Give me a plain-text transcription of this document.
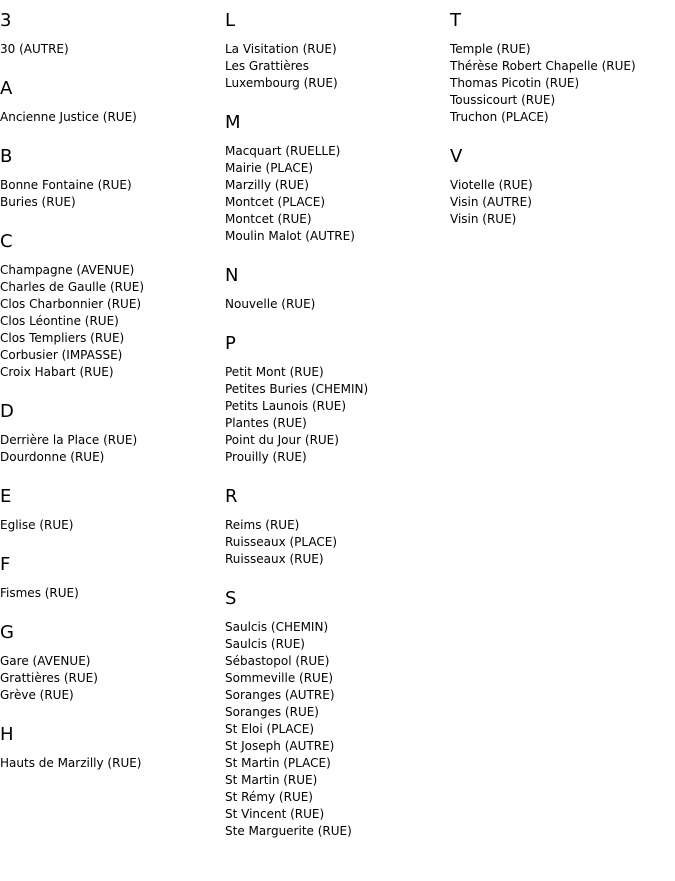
3
30 (AUTRE)
A
Ancienne Justice (RUE)
B
Bonne Fontaine (RUE)
Buries (RUE)
C
Champagne (AVENUE)
Charles de Gaulle (RUE)
Clos Charbonnier (RUE)
Clos Léontine (RUE)
Clos Templiers (RUE)
Corbusier (IMPASSE)
Croix Habart (RUE)
D
Derrière la Place (RUE)
Dourdonne (RUE)
E
Eglise (RUE)
F
Fismes (RUE)
G
Gare (AVENUE)
Grattières (RUE)
Grève (RUE)
H
Hauts de Marzilly (RUE)
L
La Visitation (RUE)
Les Grattières
Luxembourg (RUE)
M
Macquart (RUELLE)
Mairie (PLACE)
Marzilly (RUE)
Montcet (PLACE)
Montcet (RUE)
Moulin Malot (AUTRE)
N
Nouvelle (RUE)
P
Petit Mont (RUE)
Petites Buries (CHEMIN)
Petits Launois (RUE)
Plantes (RUE)
Point du Jour (RUE)
Prouilly (RUE)
R
Reims (RUE)
Ruisseaux (PLACE)
Ruisseaux (RUE)
S
Saulcis (CHEMIN)
Saulcis (RUE)
Sébastopol (RUE)
Sommeville (RUE)
Soranges (AUTRE)
Soranges (RUE)
St Eloi (PLACE)
St Joseph (AUTRE)
St Martin (PLACE)
St Martin (RUE)
St Rémy (RUE)
St Vincent (RUE)
Ste Marguerite (RUE)
T
Temple (RUE)
Thérèse Robert Chapelle (RUE)
Thomas Picotin (RUE)
Toussicourt (RUE)
Truchon (PLACE)
V
Viotelle (RUE)
Visin (AUTRE)
Visin (RUE)
